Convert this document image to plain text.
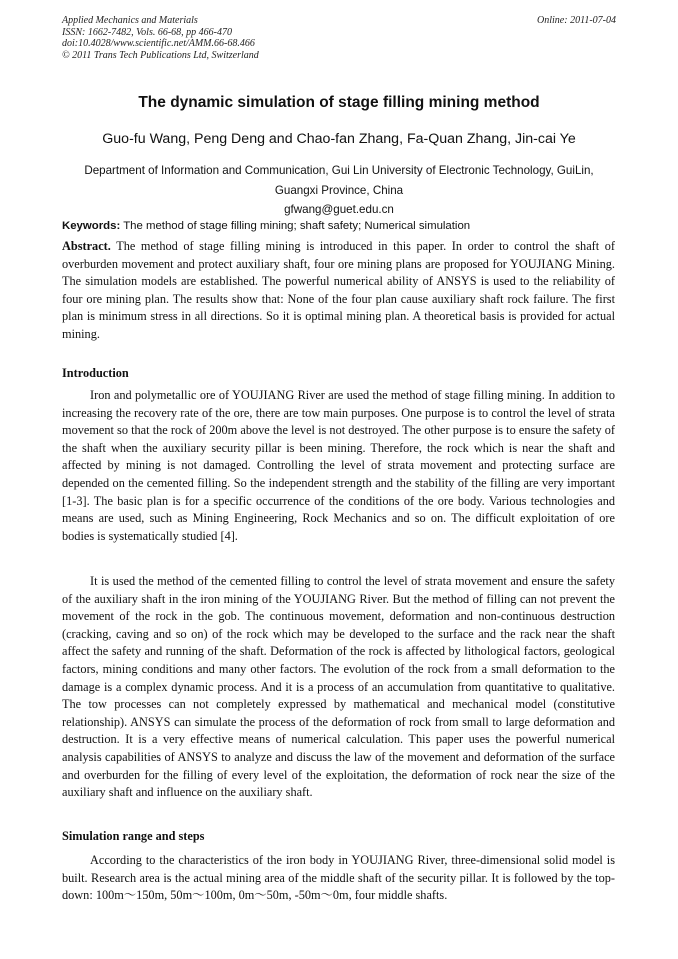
Applied Mechanics and Materials
ISSN: 1662-7482, Vols. 66-68, pp 466-470
doi:10.4028/www.scientific.net/AMM.66-68.466
© 2011 Trans Tech Publications Ltd, Switzerland
Online: 2011-07-04
The dynamic simulation of stage filling mining method
Guo-fu Wang, Peng Deng and Chao-fan Zhang, Fa-Quan Zhang, Jin-cai Ye
Department of Information and Communication, Gui Lin University of Electronic Technology, GuiLin,
Guangxi Province, China
gfwang@guet.edu.cn
Keywords: The method of stage filling mining; shaft safety; Numerical simulation
Abstract. The method of stage filling mining is introduced in this paper. In order to control the shaft of overburden movement and protect auxiliary shaft, four ore mining plans are proposed for YOUJIANG Mining. The simulation models are established. The powerful numerical ability of ANSYS is used to the reliability of four ore mining plan. The results show that: None of the four plan cause auxiliary shaft rock failure. The first plan is minimum stress in all directions. So it is optimal mining plan. A theoretical basis is provided for actual mining.
Introduction
Iron and polymetallic ore of YOUJIANG River are used the method of stage filling mining. In addition to increasing the recovery rate of the ore, there are tow main purposes. One purpose is to control the level of strata movement so that the rock of 200m above the level is not destroyed. The other purpose is to ensure the safety of the shaft when the auxiliary security pillar is been mining. Therefore, the rock which is near the shaft and affected by mining is not damaged. Controlling the level of strata movement and protecting surface are depended on the cemented filling. So the independent strength and the stability of the filling are very important [1-3]. The basic plan is for a specific occurrence of the conditions of the ore body. Various technologies and means are used, such as Mining Engineering, Rock Mechanics and so on. The difficult exploitation of ore bodies is systematically studied [4].
It is used the method of the cemented filling to control the level of strata movement and ensure the safety of the auxiliary shaft in the iron mining of the YOUJIANG River. But the method of filling can not prevent the movement of the rock in the gob. The continuous movement, deformation and non-continuous destruction (cracking, caving and so on) of the rock which may be developed to the surface and the rack near the shaft affect the safety and running of the shaft. Deformation of the rock is affected by lithological factors, geological factors, mining conditions and many other factors. The evolution of the rock from a small deformation to the damage is a complex dynamic process. And it is a process of an accumulation from quantitative to qualitative. The tow processes can not completely expressed by mathematical and mechanical model (constitutive relationship). ANSYS can simulate the process of the deformation of rock from small to large deformation and destruction. It is a very effective means of numerical calculation. This paper uses the powerful numerical analysis capabilities of ANSYS to analyze and discuss the law of the movement and deformation of the surface and overburden for the filling of every level of the exploitation, the deformation of rock near the size of the auxiliary shaft and influence on the auxiliary shaft.
Simulation range and steps
According to the characteristics of the iron body in YOUJIANG River, three-dimensional solid model is built. Research area is the actual mining area of the middle shaft of the security pillar. It is followed by the top-down: 100m〜150m, 50m〜100m, 0m〜50m, -50m〜0m, four middle shafts.
